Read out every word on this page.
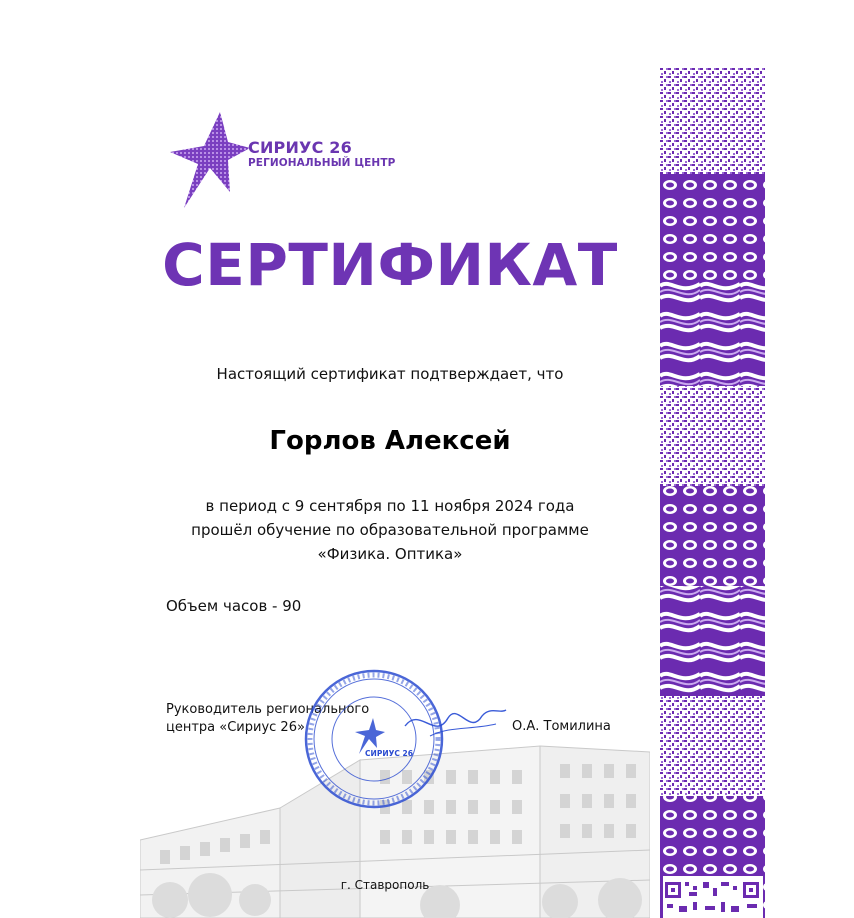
СИРИУС 26
РЕГИОНАЛЬНЫЙ ЦЕНТР
СЕРТИФИКАТ
Настоящий сертификат подтверждает, что
Горлов Алексей
в период с 9 сентября по 11 ноября 2024 года
прошёл обучение по образовательной программе
«Физика. Оптика»
Объем часов - 90
Руководитель регионального
центра «Сириус 26»	О.А. Томилина
СИРИУС 26
г. Ставрополь
